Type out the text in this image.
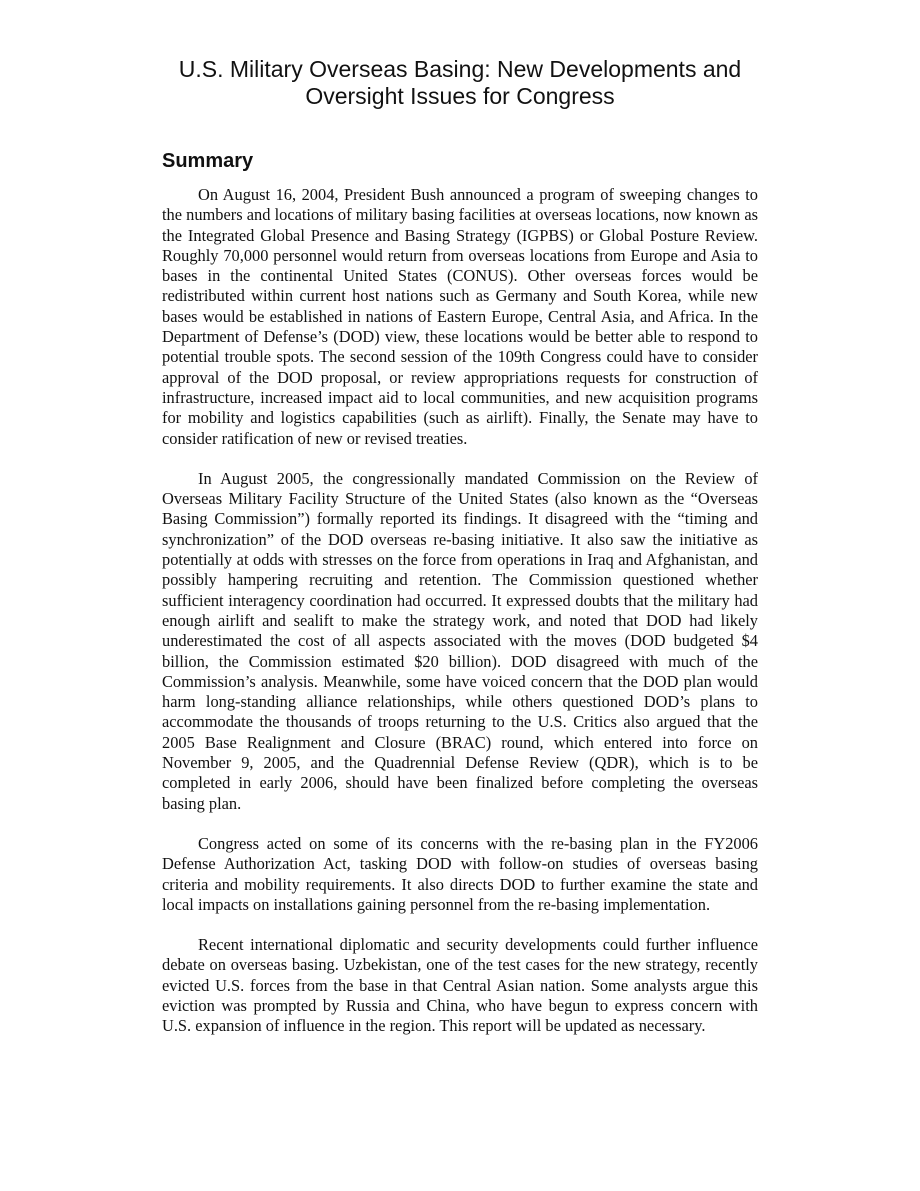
U.S. Military Overseas Basing: New Developments and
Oversight Issues for Congress
Summary

On August 16, 2004, President Bush announced a program of sweeping changes to the numbers and locations of military basing facilities at overseas locations, now known as the Integrated Global Presence and Basing Strategy (IGPBS) or Global Posture Review. Roughly 70,000 personnel would return from overseas locations from Europe and Asia to bases in the continental United States (CONUS). Other overseas forces would be redistributed within current host nations such as Germany and South Korea, while new bases would be established in nations of Eastern Europe, Central Asia, and Africa. In the Department of Defense’s (DOD) view, these locations would be better able to respond to potential trouble spots. The second session of the 109th Congress could have to consider approval of the DOD proposal, or review appropriations requests for construction of infrastructure, increased impact aid to local communities, and new acquisition programs for mobility and logistics capabilities (such as airlift). Finally, the Senate may have to consider ratification of new or revised treaties.

In August 2005, the congressionally mandated Commission on the Review of Overseas Military Facility Structure of the United States (also known as the “Overseas Basing Commission”) formally reported its findings. It disagreed with the “timing and synchronization” of the DOD overseas re-basing initiative. It also saw the initiative as potentially at odds with stresses on the force from operations in Iraq and Afghanistan, and possibly hampering recruiting and retention. The Commission questioned whether sufficient interagency coordination had occurred. It expressed doubts that the military had enough airlift and sealift to make the strategy work, and noted that DOD had likely underestimated the cost of all aspects associated with the moves (DOD budgeted $4 billion, the Commission estimated $20 billion). DOD disagreed with much of the Commission’s analysis. Meanwhile, some have voiced concern that the DOD plan would harm long-standing alliance relationships, while others questioned DOD’s plans to accommodate the thousands of troops returning to the U.S. Critics also argued that the 2005 Base Realignment and Closure (BRAC) round, which entered into force on November 9, 2005, and the Quadrennial Defense Review (QDR), which is to be completed in early 2006, should have been finalized before completing the overseas basing plan.

Congress acted on some of its concerns with the re-basing plan in the FY2006 Defense Authorization Act, tasking DOD with follow-on studies of overseas basing criteria and mobility requirements. It also directs DOD to further examine the state and local impacts on installations gaining personnel from the re-basing implementation.

Recent international diplomatic and security developments could further influence debate on overseas basing. Uzbekistan, one of the test cases for the new strategy, recently evicted U.S. forces from the base in that Central Asian nation. Some analysts argue this eviction was prompted by Russia and China, who have begun to express concern with U.S. expansion of influence in the region. This report will be updated as necessary.
